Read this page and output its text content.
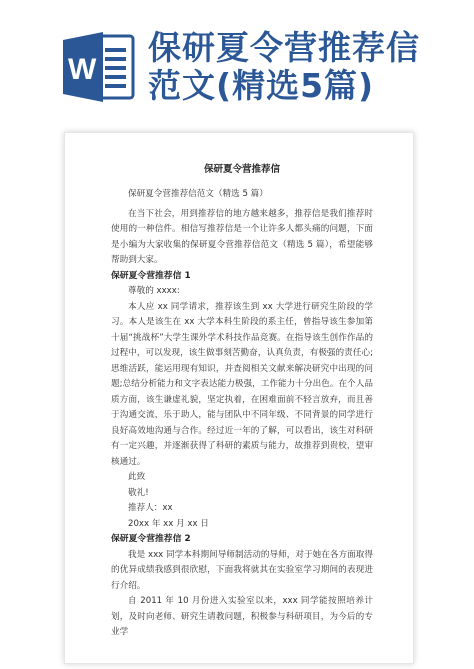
W
保研夏令营推荐信
范文(精选5篇)
保研夏令营推荐信
保研夏令营推荐信范文（精选 5 篇）

在当下社会，用到推荐信的地方越来越多，推荐信是我们推荐时使用的一种信件。相信写推荐信是一个让许多人都头痛的问题，下面是小编为大家收集的保研夏令营推荐信范文（精选 5 篇），希望能够帮助到大家。

保研夏令营推荐信 1

尊敬的 xxxx:

本人应 xx 同学请求，推荐该生到 xx 大学进行研究生阶段的学习。本人是该生在 xx 大学本科生阶段的系主任，曾指导该生参加第十届“挑战杯”大学生课外学术科技作品竞赛。在指导该生创作作品的过程中，可以发现，该生做事刻苦勤奋，认真负责，有极强的责任心;思维活跃，能运用现有知识，并查阅相关文献来解决研究中出现的问题;总结分析能力和文字表达能力极强，工作能力十分出色。在个人品质方面，该生谦虚礼貌，坚定执着，在困难面前不轻言放弃，而且善于沟通交流，乐于助人，能与团队中不同年级、不同背景的同学进行良好高效地沟通与合作。经过近一年的了解，可以看出，该生对科研有一定兴趣，并逐渐获得了科研的素质与能力，故推荐到贵校，望审核通过。

此致

敬礼!

推荐人：xx

20xx 年 xx 月 xx 日

保研夏令营推荐信 2

我是 xxx 同学本科期间导师制活动的导师，对于她在各方面取得的优异成绩我感到很欣慰，下面我将就其在实验室学习期间的表现进行介绍。

自 2011 年 10 月份进入实验室以来，xxx 同学能按照培养计划，及时向老师、研究生请教问题，积极参与科研项目，为今后的专业学
